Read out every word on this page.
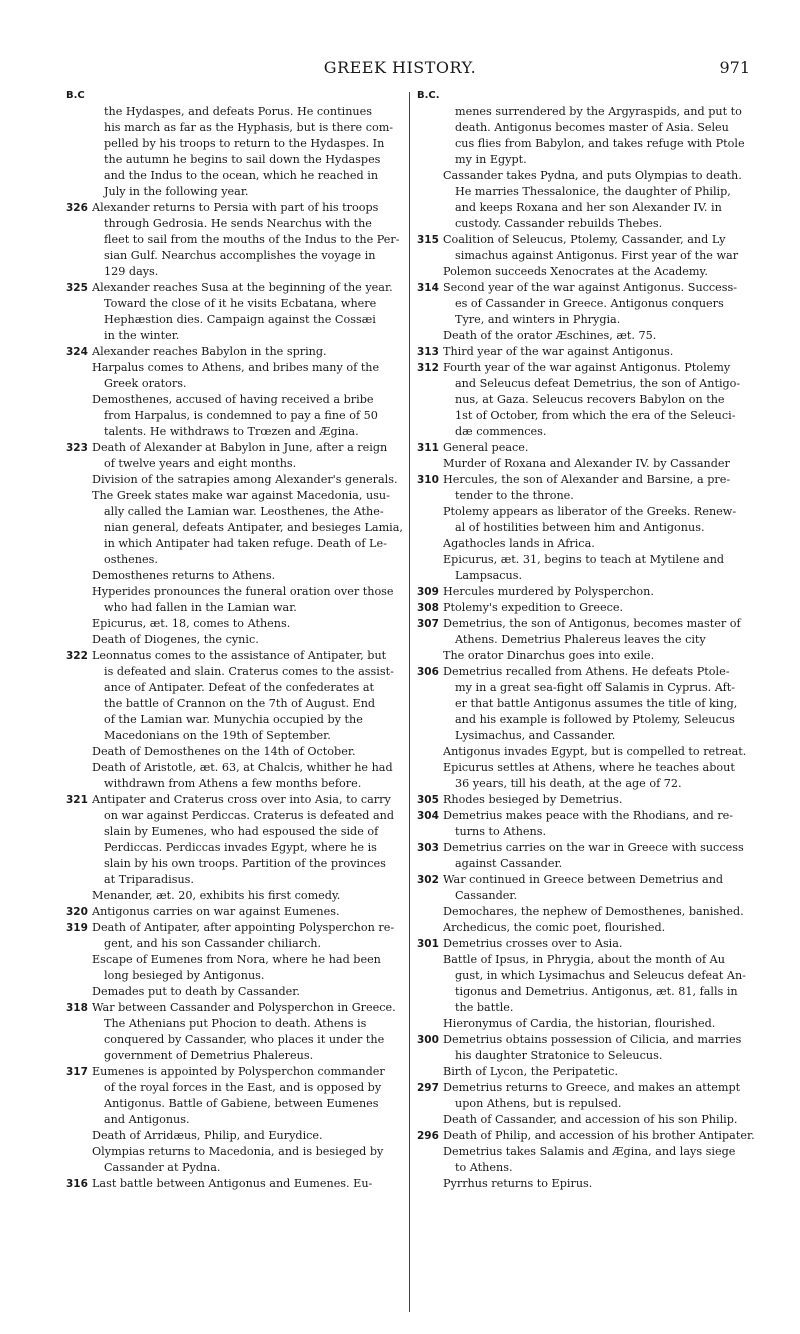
GREEK HISTORY.	971
B.C
the Hydaspes, and defeats Porus. He continues
his march as far as the Hyphasis, but is there com-
pelled by his troops to return to the Hydaspes. In
the autumn he begins to sail down the Hydaspes
and the Indus to the ocean, which he reached in
July in the following year.
326 Alexander returns to Persia with part of his troops
through Gedrosia. He sends Nearchus with the
fleet to sail from the mouths of the Indus to the Per-
sian Gulf. Nearchus accomplishes the voyage in
129 days.
325 Alexander reaches Susa at the beginning of the year.
Toward the close of it he visits Ecbatana, where
Hephæstion dies. Campaign against the Cossæi
in the winter.
324 Alexander reaches Babylon in the spring.
Harpalus comes to Athens, and bribes many of the
Greek orators.
Demosthenes, accused of having received a bribe
from Harpalus, is condemned to pay a fine of 50
talents. He withdraws to Trœzen and Ægina.
323 Death of Alexander at Babylon in June, after a reign
of twelve years and eight months.
Division of the satrapies among Alexander's generals.
The Greek states make war against Macedonia, usu-
ally called the Lamian war. Leosthenes, the Athe-
nian general, defeats Antipater, and besieges Lamia,
in which Antipater had taken refuge. Death of Le-
osthenes.
Demosthenes returns to Athens.
Hyperides pronounces the funeral oration over those
who had fallen in the Lamian war.
Epicurus, æt. 18, comes to Athens.
Death of Diogenes, the cynic.
322 Leonnatus comes to the assistance of Antipater, but
is defeated and slain. Craterus comes to the assist-
ance of Antipater. Defeat of the confederates at
the battle of Crannon on the 7th of August. End
of the Lamian war. Munychia occupied by the
Macedonians on the 19th of September.
Death of Demosthenes on the 14th of October.
Death of Aristotle, æt. 63, at Chalcis, whither he had
withdrawn from Athens a few months before.
321 Antipater and Craterus cross over into Asia, to carry
on war against Perdiccas. Craterus is defeated and
slain by Eumenes, who had espoused the side of
Perdiccas. Perdiccas invades Egypt, where he is
slain by his own troops. Partition of the provinces
at Triparadisus.
Menander, æt. 20, exhibits his first comedy.
320 Antigonus carries on war against Eumenes.
319 Death of Antipater, after appointing Polysperchon re-
gent, and his son Cassander chiliarch.
Escape of Eumenes from Nora, where he had been
long besieged by Antigonus.
Demades put to death by Cassander.
318 War between Cassander and Polysperchon in Greece.
The Athenians put Phocion to death. Athens is
conquered by Cassander, who places it under the
government of Demetrius Phalereus.
317 Eumenes is appointed by Polysperchon commander
of the royal forces in the East, and is opposed by
Antigonus. Battle of Gabiene, between Eumenes
and Antigonus.
Death of Arridæus, Philip, and Eurydice.
Olympias returns to Macedonia, and is besieged by
Cassander at Pydna.
316 Last battle between Antigonus and Eumenes. Eu-
B.C.
menes surrendered by the Argyraspids, and put to
death. Antigonus becomes master of Asia. Seleu
cus flies from Babylon, and takes refuge with Ptole
my in Egypt.
Cassander takes Pydna, and puts Olympias to death.
He marries Thessalonice, the daughter of Philip,
and keeps Roxana and her son Alexander IV. in
custody. Cassander rebuilds Thebes.
315 Coalition of Seleucus, Ptolemy, Cassander, and Ly
simachus against Antigonus. First year of the war
Polemon succeeds Xenocrates at the Academy.
314 Second year of the war against Antigonus. Success-
es of Cassander in Greece. Antigonus conquers
Tyre, and winters in Phrygia.
Death of the orator Æschines, æt. 75.
313 Third year of the war against Antigonus.
312 Fourth year of the war against Antigonus. Ptolemy
and Seleucus defeat Demetrius, the son of Antigo-
nus, at Gaza. Seleucus recovers Babylon on the
1st of October, from which the era of the Seleuci-
dæ commences.
311 General peace.
Murder of Roxana and Alexander IV. by Cassander
310 Hercules, the son of Alexander and Barsine, a pre-
tender to the throne.
Ptolemy appears as liberator of the Greeks. Renew-
al of hostilities between him and Antigonus.
Agathocles lands in Africa.
Epicurus, æt. 31, begins to teach at Mytilene and
Lampsacus.
309 Hercules murdered by Polysperchon.
308 Ptolemy's expedition to Greece.
307 Demetrius, the son of Antigonus, becomes master of
Athens. Demetrius Phalereus leaves the city
The orator Dinarchus goes into exile.
306 Demetrius recalled from Athens. He defeats Ptole-
my in a great sea-fight off Salamis in Cyprus. Aft-
er that battle Antigonus assumes the title of king,
and his example is followed by Ptolemy, Seleucus
Lysimachus, and Cassander.
Antigonus invades Egypt, but is compelled to retreat.
Epicurus settles at Athens, where he teaches about
36 years, till his death, at the age of 72.
305 Rhodes besieged by Demetrius.
304 Demetrius makes peace with the Rhodians, and re-
turns to Athens.
303 Demetrius carries on the war in Greece with success
against Cassander.
302 War continued in Greece between Demetrius and
Cassander.
Demochares, the nephew of Demosthenes, banished.
Archedicus, the comic poet, flourished.
301 Demetrius crosses over to Asia.
Battle of Ipsus, in Phrygia, about the month of Au
gust, in which Lysimachus and Seleucus defeat An-
tigonus and Demetrius. Antigonus, æt. 81, falls in
the battle.
Hieronymus of Cardia, the historian, flourished.
300 Demetrius obtains possession of Cilicia, and marries
his daughter Stratonice to Seleucus.
Birth of Lycon, the Peripatetic.
297 Demetrius returns to Greece, and makes an attempt
upon Athens, but is repulsed.
Death of Cassander, and accession of his son Philip.
296 Death of Philip, and accession of his brother Antipater.
Demetrius takes Salamis and Ægina, and lays siege
to Athens.
Pyrrhus returns to Epirus.
